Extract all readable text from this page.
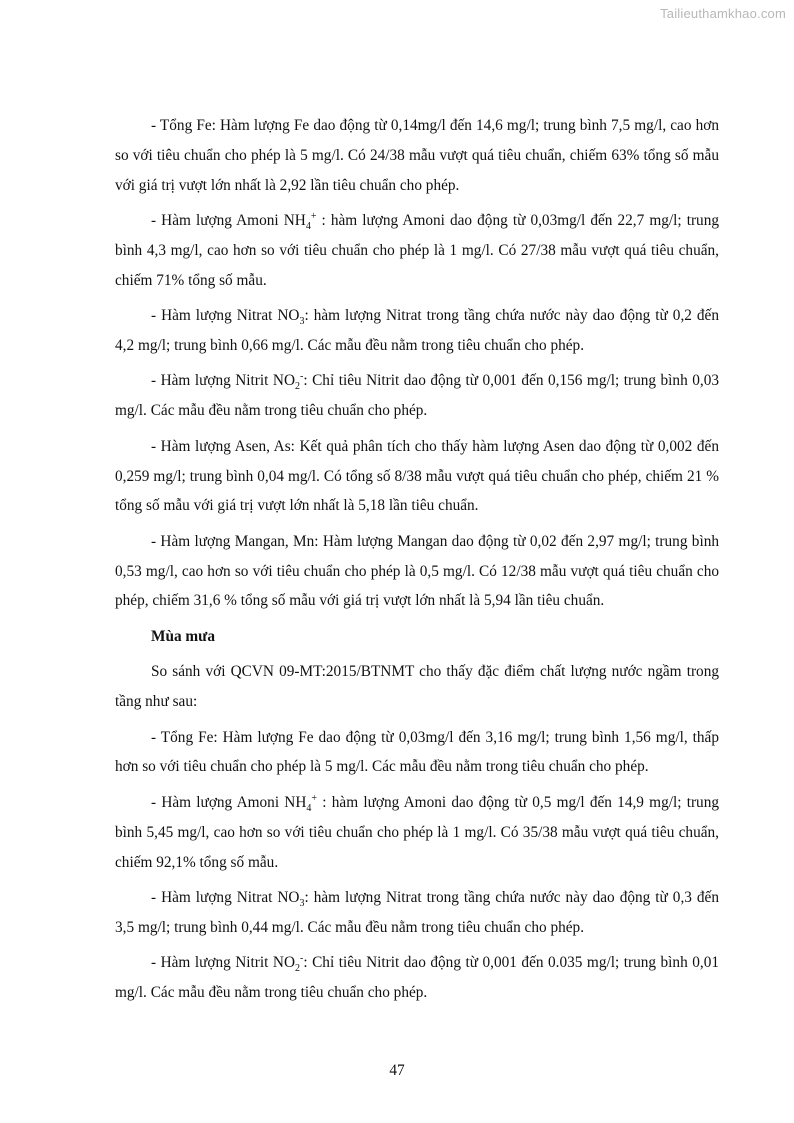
Tailieuthamkhao.com

- Tổng Fe: Hàm lượng Fe dao động từ 0,14mg/l đến 14,6 mg/l; trung bình 7,5 mg/l, cao hơn so với tiêu chuẩn cho phép là 5 mg/l. Có 24/38 mẫu vượt quá tiêu chuẩn, chiếm 63% tổng số mẫu với giá trị vượt lớn nhất là 2,92 lần tiêu chuẩn cho phép.

- Hàm lượng Amoni $NH_4^+$ : hàm lượng Amoni dao động từ 0,03mg/l đến 22,7 mg/l; trung bình 4,3 mg/l, cao hơn so với tiêu chuẩn cho phép là 1 mg/l. Có 27/38 mẫu vượt quá tiêu chuẩn, chiếm 71% tổng số mẫu.

- Hàm lượng Nitrat $NO_3$: hàm lượng Nitrat trong tầng chứa nước này dao động từ 0,2 đến 4,2 mg/l; trung bình 0,66 mg/l. Các mẫu đều nằm trong tiêu chuẩn cho phép.

- Hàm lượng Nitrit $NO_2^-$: Chỉ tiêu Nitrit dao động từ 0,001 đến 0,156 mg/l; trung bình 0,03 mg/l. Các mẫu đều nằm trong tiêu chuẩn cho phép.

- Hàm lượng Asen, As: Kết quả phân tích cho thấy hàm lượng Asen dao động từ 0,002 đến 0,259 mg/l; trung bình 0,04 mg/l. Có tổng số 8/38 mẫu vượt quá tiêu chuẩn cho phép, chiếm 21 % tổng số mẫu với giá trị vượt lớn nhất là 5,18 lần tiêu chuẩn.

- Hàm lượng Mangan, Mn: Hàm lượng Mangan dao động từ 0,02 đến 2,97 mg/l; trung bình 0,53 mg/l, cao hơn so với tiêu chuẩn cho phép là 0,5 mg/l. Có 12/38 mẫu vượt quá tiêu chuẩn cho phép, chiếm 31,6 % tổng số mẫu với giá trị vượt lớn nhất là 5,94 lần tiêu chuẩn.

Mùa mưa

So sánh với QCVN 09-MT:2015/BTNMT cho thấy đặc điểm chất lượng nước ngầm trong tầng như sau:

- Tổng Fe: Hàm lượng Fe dao động từ 0,03mg/l đến 3,16 mg/l; trung bình 1,56 mg/l, thấp hơn so với tiêu chuẩn cho phép là 5 mg/l. Các mẫu đều nằm trong tiêu chuẩn cho phép.

- Hàm lượng Amoni $NH_4^+$ : hàm lượng Amoni dao động từ 0,5 mg/l đến 14,9 mg/l; trung bình 5,45 mg/l, cao hơn so với tiêu chuẩn cho phép là 1 mg/l. Có 35/38 mẫu vượt quá tiêu chuẩn, chiếm 92,1% tổng số mẫu.

- Hàm lượng Nitrat $NO_3$: hàm lượng Nitrat trong tầng chứa nước này dao động từ 0,3 đến 3,5 mg/l; trung bình 0,44 mg/l. Các mẫu đều nằm trong tiêu chuẩn cho phép.

- Hàm lượng Nitrit $NO_2^-$: Chỉ tiêu Nitrit dao động từ 0,001 đến 0.035 mg/l; trung bình 0,01 mg/l. Các mẫu đều nằm trong tiêu chuẩn cho phép.

47
